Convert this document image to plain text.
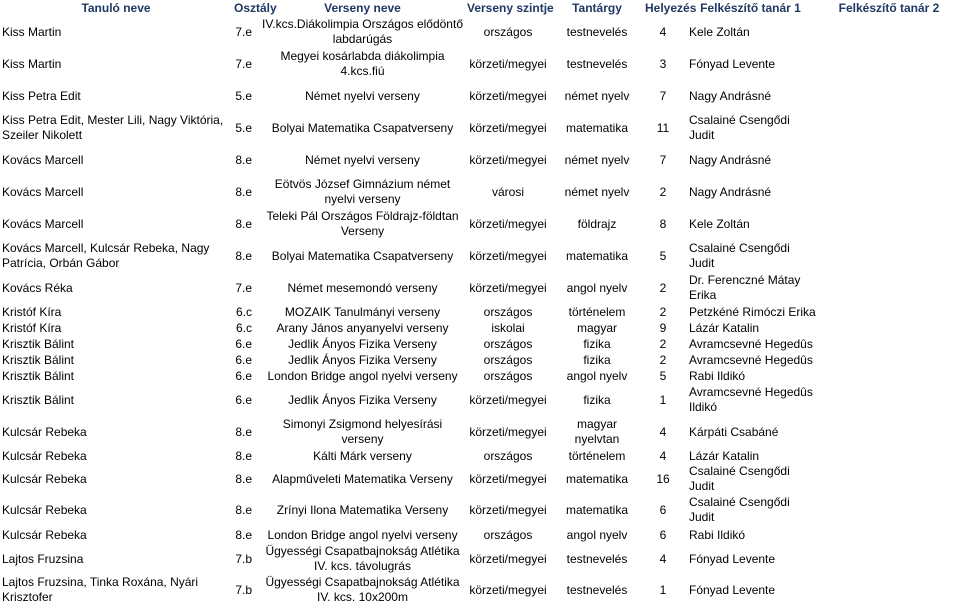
Tanuló neve	Osztály	Verseny neve	Verseny szintje	Tantárgy	Helyezés	Felkészítő tanár 1	Felkészítő tanár 2
Kiss Martin	7.e	IV.kcs.Diákolimpia Országos elődöntő labdarúgás	országos	testnevelés	4	Kele Zoltán	
Kiss Martin	7.e	Megyei kosárlabda diákolimpia 4.kcs.fiú	körzeti/megyei	testnevelés	3	Fónyad Levente	
Kiss Petra Edit	5.e	Német nyelvi verseny	körzeti/megyei	német nyelv	7	Nagy Andrásné	
Kiss Petra Edit, Mester Lili, Nagy Viktória, Szeiler Nikolett	5.e	Bolyai Matematika Csapatverseny	körzeti/megyei	matematika	11	Csalainé Csengődi Judit	
Kovács Marcell	8.e	Német nyelvi verseny	körzeti/megyei	német nyelv	7	Nagy Andrásné	
Kovács Marcell	8.e	Eötvös József Gimnázium német nyelvi verseny	városi	német nyelv	2	Nagy Andrásné	
Kovács Marcell	8.e	Teleki Pál Országos Földrajz-földtan Verseny	körzeti/megyei	földrajz	8	Kele Zoltán	
Kovács Marcell, Kulcsár Rebeka, Nagy Patrícia, Orbán Gábor	8.e	Bolyai Matematika Csapatverseny	körzeti/megyei	matematika	5	Csalainé Csengődi Judit	
Kovács Réka	7.e	Német mesemondó verseny	körzeti/megyei	angol nyelv	2	Dr. Ferenczné Mátay Erika	
Kristóf Kíra	6.c	MOZAIK Tanulmányi verseny	országos	történelem	2	Petzkéné Rimóczi Erika	
Kristóf Kíra	6.c	Arany János anyanyelvi verseny	iskolai	magyar	9	Lázár Katalin	
Krisztik Bálint	6.e	Jedlik Ányos Fizika Verseny	országos	fizika	2	Avramcsevné Hegedûs	
Krisztik Bálint	6.e	Jedlik Ányos Fizika Verseny	országos	fizika	2	Avramcsevné Hegedûs	
Krisztik Bálint	6.e	London Bridge angol nyelvi verseny	országos	angol nyelv	5	Rabi Ildikó	
Krisztik Bálint	6.e	Jedlik Ányos Fizika Verseny	körzeti/megyei	fizika	1	Avramcsevné Hegedûs Ildikó	
Kulcsár Rebeka	8.e	Simonyi Zsigmond helyesírási verseny	körzeti/megyei	magyar nyelvtan	4	Kárpáti Csabáné	
Kulcsár Rebeka	8.e	Kálti Márk verseny	országos	történelem	4	Lázár Katalin	
Kulcsár Rebeka	8.e	Alapműveleti Matematika Verseny	körzeti/megyei	matematika	16	Csalainé Csengődi Judit	
Kulcsár Rebeka	8.e	Zrínyi Ilona Matematika Verseny	körzeti/megyei	matematika	6	Csalainé Csengődi Judit	
Kulcsár Rebeka	8.e	London Bridge angol nyelvi verseny	országos	angol nyelv	6	Rabi Ildikó	
Lajtos Fruzsina	7.b	Ügyességi Csapatbajnokság Atlétika IV. kcs. távolugrás	körzeti/megyei	testnevelés	4	Fónyad Levente	
Lajtos Fruzsina, Tinka Roxána, Nyári Krisztofer	7.b	Ügyességi Csapatbajnokság Atlétika IV. kcs. 10x200m	körzeti/megyei	testnevelés	1	Fónyad Levente	
